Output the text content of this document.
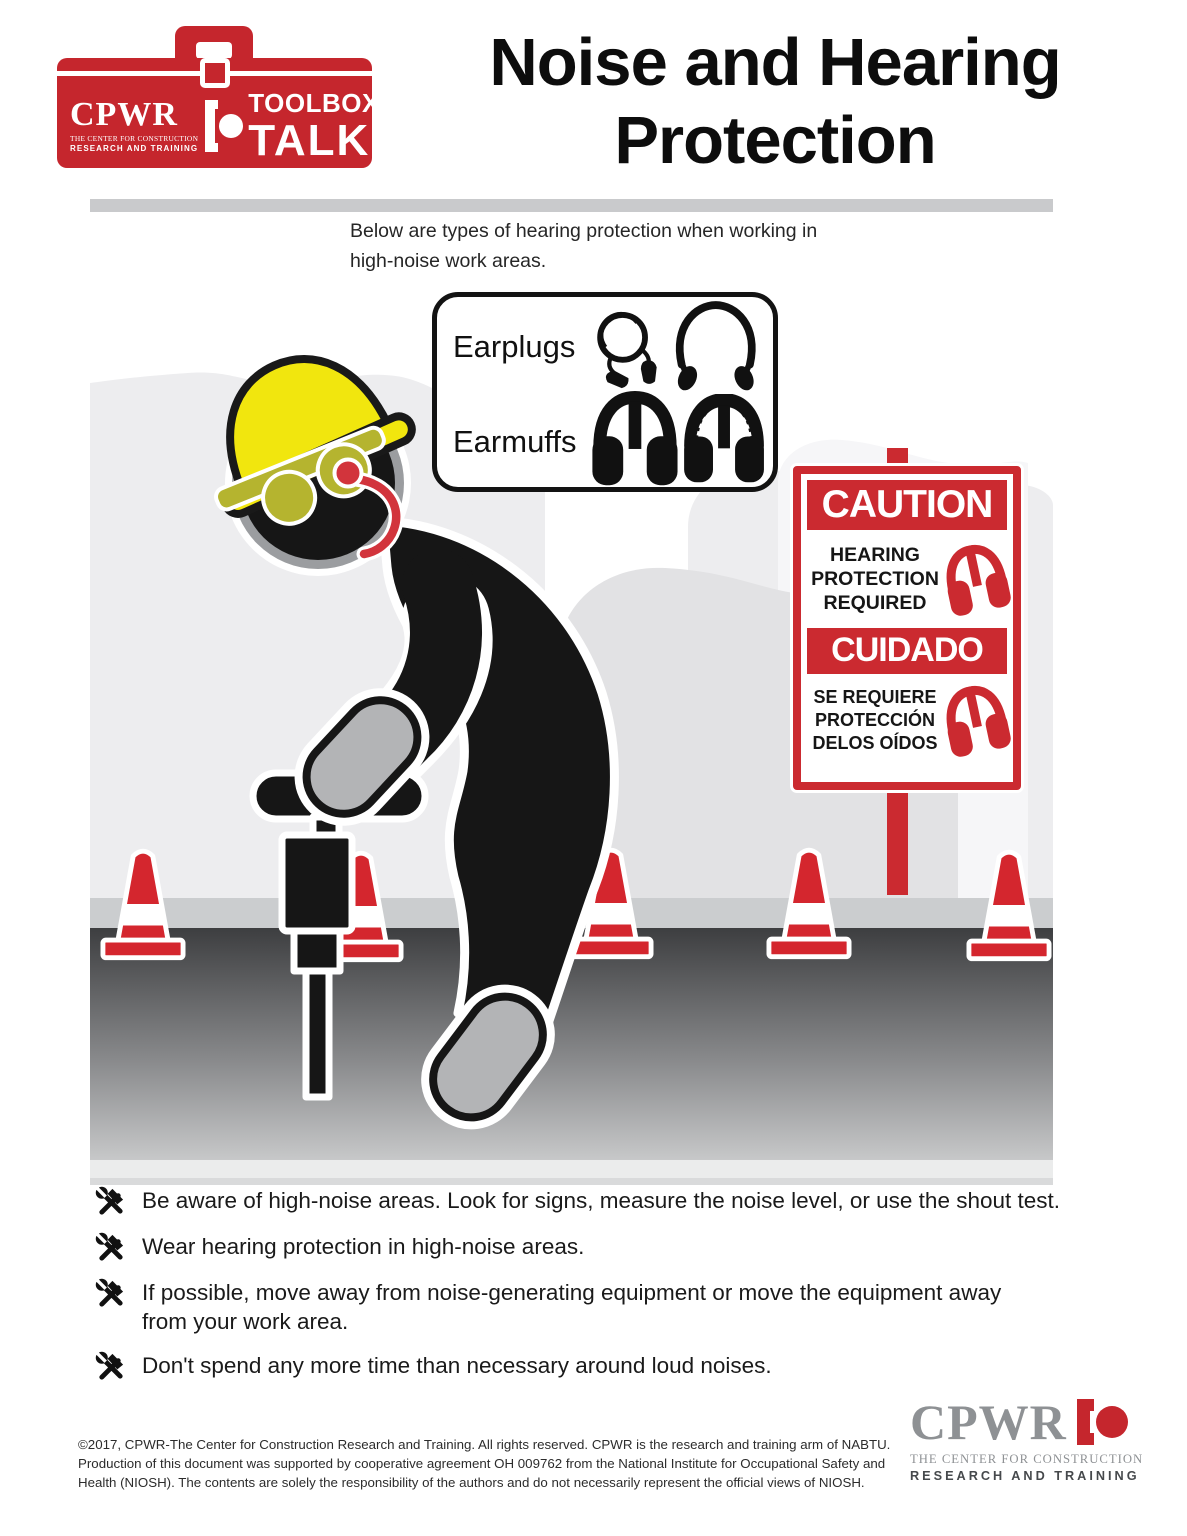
CPWR
THE CENTER FOR CONSTRUCTION
RESEARCH AND TRAINING
TOOLBOX
TALK
Noise and Hearing
Protection
Below are types of hearing protection when working in
high-noise work areas.
CAUTION
HEARING
PROTECTION
REQUIRED
CUIDADO
SE REQUIERE
PROTECCIÓN
DELOS OÍDOS
Earplugs
Earmuffs
Be aware of high-noise areas. Look for signs, measure the noise level, or use the shout test.
Wear hearing protection in high-noise areas.
If possible, move away from noise-generating equipment or move the equipment away from your work area.
Don't spend any more time than necessary around loud noises.
©2017, CPWR-The Center for Construction Research and Training. All rights reserved. CPWR is the research and training arm of NABTU.
Production of this document was supported by cooperative agreement OH 009762 from the National Institute for Occupational Safety and
Health (NIOSH). The contents are solely the responsibility of the authors and do not necessarily represent the official views of NIOSH.
CPWR
THE CENTER FOR CONSTRUCTION
RESEARCH AND TRAINING
